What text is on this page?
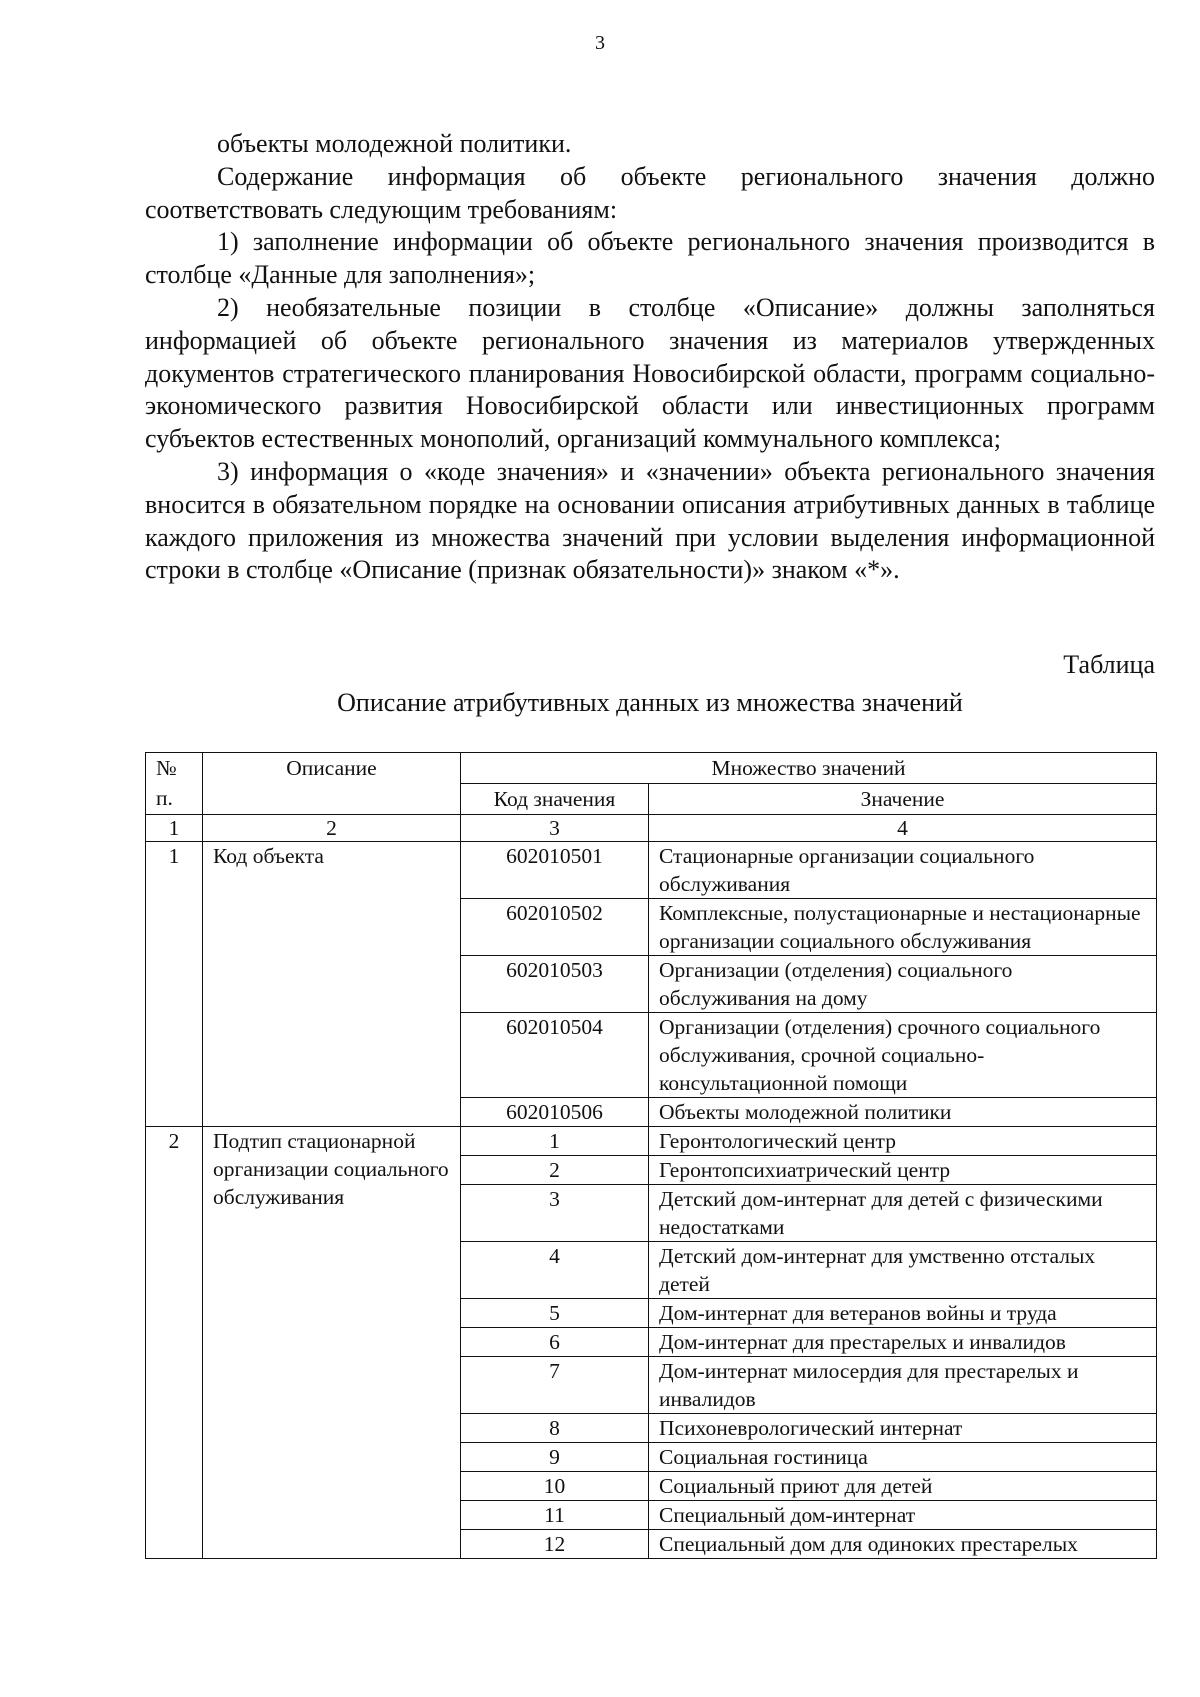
3

объекты молодежной политики.

Содержание информация об объекте регионального значения должно соответствовать следующим требованиям:

1) заполнение информации об объекте регионального значения производится в столбце «Данные для заполнения»;

2) необязательные позиции в столбце «Описание» должны заполняться информацией об объекте регионального значения из материалов утвержденных документов стратегического планирования Новосибирской области, программ социально-экономического развития Новосибирской области или инвестиционных программ субъектов естественных монополий, организаций коммунального комплекса;

3) информация о «коде значения» и «значении» объекта регионального значения вносится в обязательном порядке на основании описания атрибутивных данных в таблице каждого приложения из множества значений при условии выделения информационной строки в столбце «Описание (признак обязательности)» знаком «*».

Таблица
Описание атрибутивных данных из множества значений
№ п.	Описание	Множество значений	
		Код значения	Значение
1	2	3	4
1	Код объекта	602010501	Стационарные организации социального обслуживания
		602010502	Комплексные, полустационарные и нестационарные организации социального обслуживания
		602010503	Организации (отделения) социального обслуживания на дому
		602010504	Организации (отделения) срочного социального обслуживания, срочной социально-консультационной помощи
		602010506	Объекты молодежной политики
2	Подтип стационарной организации социального обслуживания	1	Геронтологический центр
		2	Геронтопсихиатрический центр
		3	Детский дом-интернат для детей с физическими недостатками
		4	Детский дом-интернат для умственно отсталых детей
		5	Дом-интернат для ветеранов войны и труда
		6	Дом-интернат для престарелых и инвалидов
		7	Дом-интернат милосердия для престарелых и инвалидов
		8	Психоневрологический интернат
		9	Социальная гостиница
		10	Социальный приют для детей
		11	Специальный дом-интернат
		12	Специальный дом для одиноких престарелых
